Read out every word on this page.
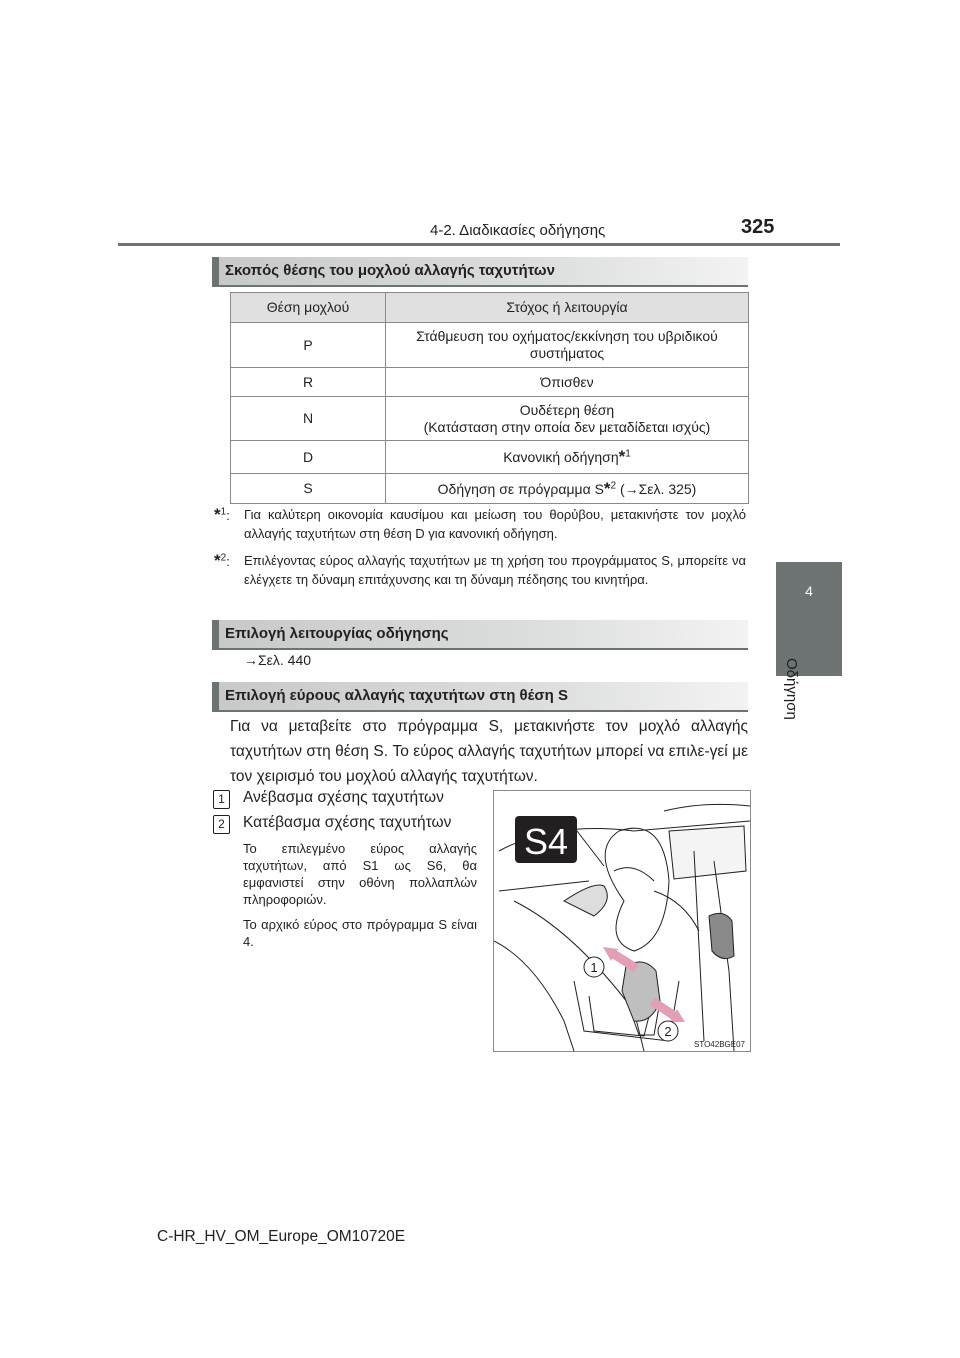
4-2. Διαδικασίες οδήγησης	325
4
Οδήγηση
Σκοπός θέσης του μοχλού αλλαγής ταχυτήτων
Θέση μοχλού	Στόχος ή λειτουργία
P	Στάθμευση του οχήματος/εκκίνηση του υβριδικού
συστήματος
R	Όπισθεν
N	Ουδέτερη θέση
(Κατάσταση στην οποία δεν μεταδίδεται ισχύς)
D	Κανονική οδήγηση*$^1$
S	Οδήγηση σε πρόγραμμα S*$^2$ (→Σελ. 325)
*$^1$: Για καλύτερη οικονομία καυσίμου και μείωση του θορύβου, μετακινήστε τον μοχλό αλλαγής ταχυτήτων στη θέση D για κανονική οδήγηση.
*$^2$: Επιλέγοντας εύρος αλλαγής ταχυτήτων με τη χρήση του προγράμματος S, μπορείτε να ελέγχετε τη δύναμη επιτάχυνσης και τη δύναμη πέδησης του κινητήρα.
Επιλογή λειτουργίας οδήγησης
→Σελ. 440
Επιλογή εύρους αλλαγής ταχυτήτων στη θέση S
Για να μεταβείτε στο πρόγραμμα S, μετακινήστε τον μοχλό αλλαγής ταχυτήτων στη θέση S. Το εύρος αλλαγής ταχυτήτων μπορεί να επιλε-γεί με τον χειρισμό του μοχλού αλλαγής ταχυτήτων.
1	Ανέβασμα σχέσης ταχυτήτων
2	Κατέβασμα σχέσης ταχυτήτων
Το επιλεγμένο εύρος αλλαγής ταχυτήτων, από S1 ως S6, θα εμφανιστεί στην οθόνη πολλαπλών πληροφοριών.
Το αρχικό εύρος στο πρόγραμμα S είναι 4.
S4
1
2
STO42BGE07
C-HR_HV_OM_Europe_OM10720E
